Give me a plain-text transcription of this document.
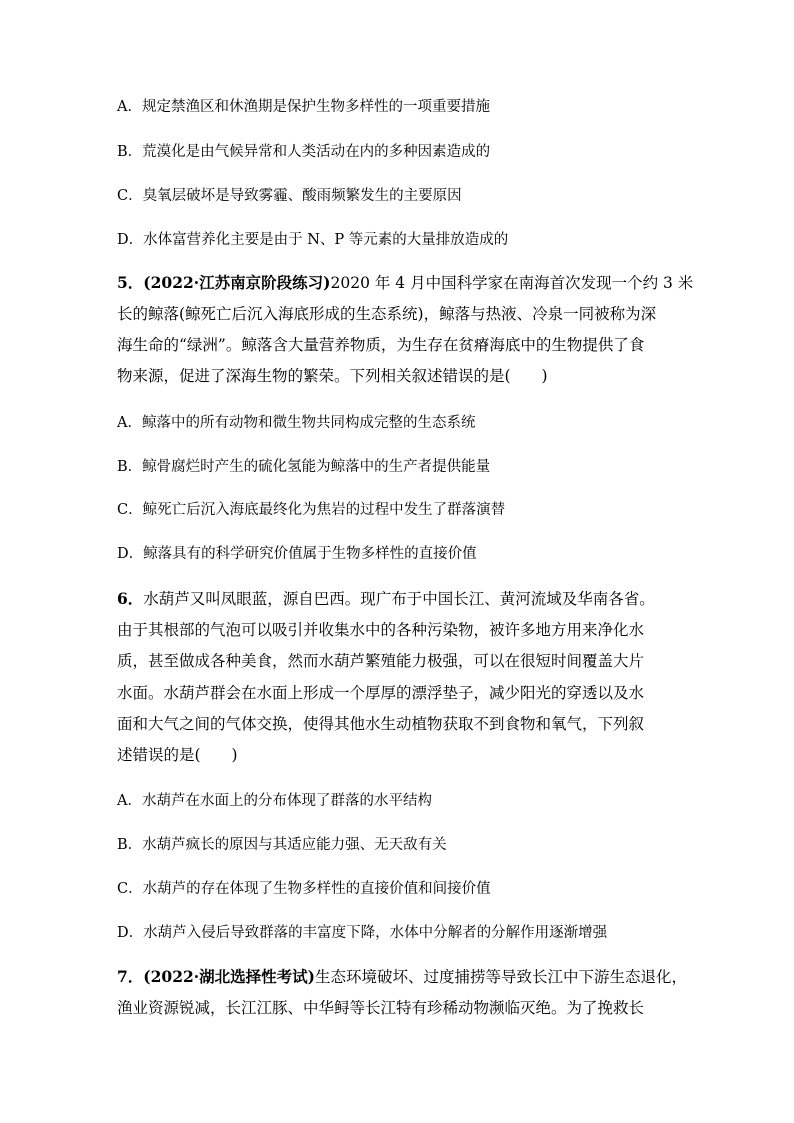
A．规定禁渔区和休渔期是保护生物多样性的一项重要措施
B．荒漠化是由气候异常和人类活动在内的多种因素造成的
C．臭氧层破坏是导致雾霾、酸雨频繁发生的主要原因
D．水体富营养化主要是由于 N、P 等元素的大量排放造成的
5．(2022·江苏南京阶段练习)2020 年 4 月中国科学家在南海首次发现一个约 3 米
长的鲸落(鲸死亡后沉入海底形成的生态系统)，鲸落与热液、冷泉一同被称为深
海生命的“绿洲”。鲸落含大量营养物质，为生存在贫瘠海底中的生物提供了食
物来源，促进了深海生物的繁荣。下列相关叙述错误的是(　　)
A．鲸落中的所有动物和微生物共同构成完整的生态系统
B．鲸骨腐烂时产生的硫化氢能为鲸落中的生产者提供能量
C．鲸死亡后沉入海底最终化为焦岩的过程中发生了群落演替
D．鲸落具有的科学研究价值属于生物多样性的直接价值
6．水葫芦又叫凤眼蓝，源自巴西。现广布于中国长江、黄河流域及华南各省。
由于其根部的气泡可以吸引并收集水中的各种污染物，被许多地方用来净化水
质，甚至做成各种美食，然而水葫芦繁殖能力极强，可以在很短时间覆盖大片
水面。水葫芦群会在水面上形成一个厚厚的漂浮垫子，减少阳光的穿透以及水
面和大气之间的气体交换，使得其他水生动植物获取不到食物和氧气，下列叙
述错误的是(　　)
A．水葫芦在水面上的分布体现了群落的水平结构
B．水葫芦疯长的原因与其适应能力强、无天敌有关
C．水葫芦的存在体现了生物多样性的直接价值和间接价值
D．水葫芦入侵后导致群落的丰富度下降，水体中分解者的分解作用逐渐增强
7．(2022·湖北选择性考试)生态环境破坏、过度捕捞等导致长江中下游生态退化，
渔业资源锐减，长江江豚、中华鲟等长江特有珍稀动物濒临灭绝。为了挽救长
